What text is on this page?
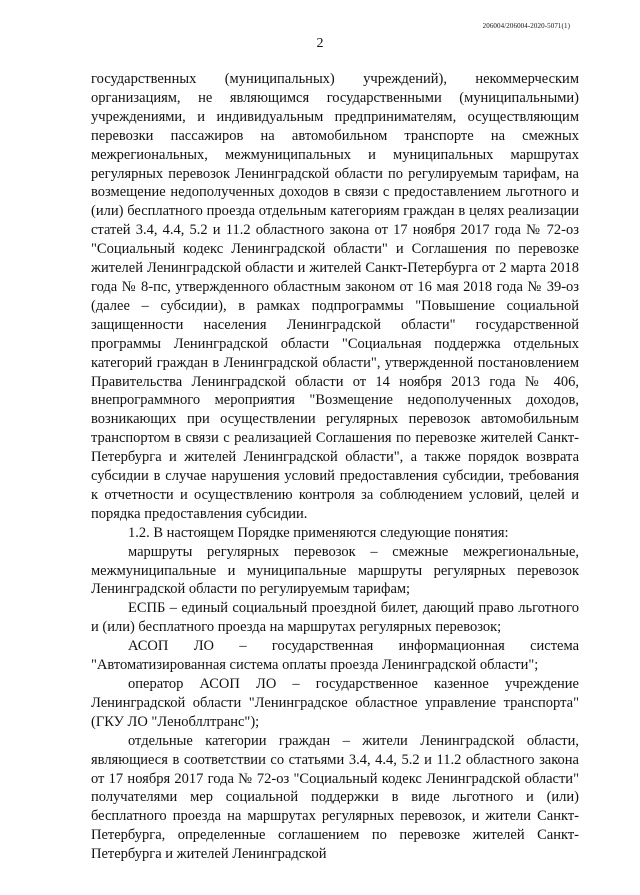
206004/206004-2020-5071(1)
2

государственных (муниципальных) учреждений), некоммерческим организациям, не являющимся государственными (муниципальными) учреждениями, и индивидуальным предпринимателям, осуществляющим перевозки пассажиров на автомобильном транспорте на смежных межрегиональных, межмуниципальных и муниципальных маршрутах регулярных перевозок Ленинградской области по регулируемым тарифам, на возмещение недополученных доходов в связи с предоставлением льготного и (или) бесплатного проезда отдельным категориям граждан в целях реализации статей 3.4, 4.4, 5.2 и 11.2 областного закона от 17 ноября 2017 года № 72-оз "Социальный кодекс Ленинградской области" и Соглашения по перевозке жителей Ленинградской области и жителей Санкт-Петербурга от 2 марта 2018 года № 8-пс, утвержденного областным законом от 16 мая 2018 года № 39-оз (далее – субсидии), в рамках подпрограммы "Повышение социальной защищенности населения Ленинградской области" государственной программы Ленинградской области "Социальная поддержка отдельных категорий граждан в Ленинградской области", утвержденной постановлением Правительства Ленинградской области от 14 ноября 2013 года № 406, внепрограммного мероприятия "Возмещение недополученных доходов, возникающих при осуществлении регулярных перевозок автомобильным транспортом в связи с реализацией Соглашения по перевозке жителей Санкт-Петербурга и жителей Ленинградской области", а также порядок возврата субсидии в случае нарушения условий предоставления субсидии, требования к отчетности и осуществлению контроля за соблюдением условий, целей и порядка предоставления субсидии.

1.2. В настоящем Порядке применяются следующие понятия:

маршруты регулярных перевозок – смежные межрегиональные, межмуниципальные и муниципальные маршруты регулярных перевозок Ленинградской области по регулируемым тарифам;

ЕСПБ – единый социальный проездной билет, дающий право льготного и (или) бесплатного проезда на маршрутах регулярных перевозок;

АСОП ЛО – государственная информационная система "Автоматизированная система оплаты проезда Ленинградской области";

оператор АСОП ЛО – государственное казенное учреждение Ленинградской области "Ленинградское областное управление транспорта" (ГКУ ЛО "Ленобллтранс");

отдельные категории граждан – жители Ленинградской области, являющиеся в соответствии со статьями 3.4, 4.4, 5.2 и 11.2 областного закона от 17 ноября 2017 года № 72-оз "Социальный кодекс Ленинградской области" получателями мер социальной поддержки в виде льготного и (или) бесплатного проезда на маршрутах регулярных перевозок, и жители Санкт-Петербурга, определенные соглашением по перевозке жителей Санкт-Петербурга и жителей Ленинградской
